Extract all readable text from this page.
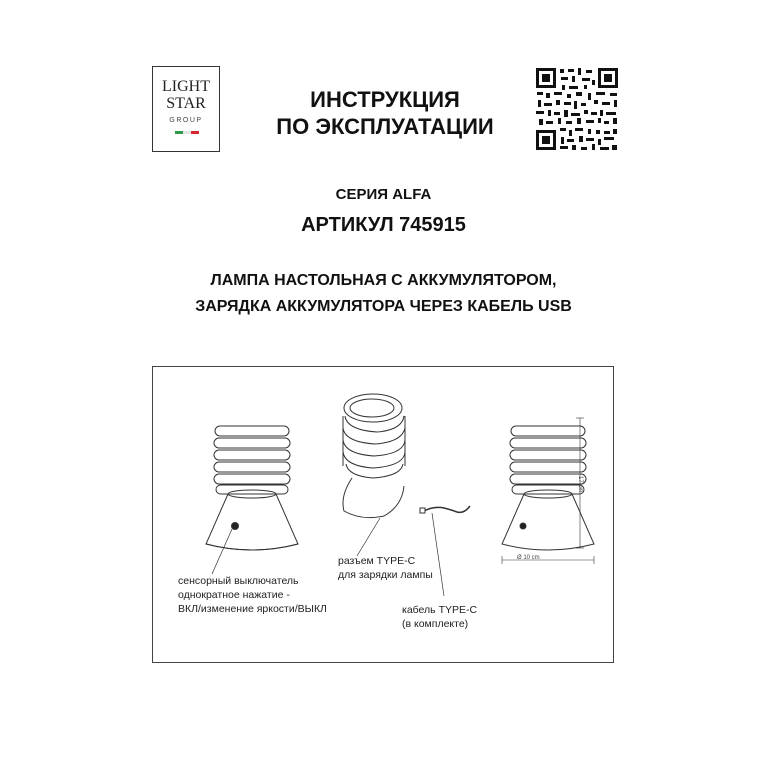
LIGHT
STAR
GROUP
ИНСТРУКЦИЯ
ПО ЭКСПЛУАТАЦИИ
СЕРИЯ ALFA
АРТИКУЛ 745915
ЛАМПА НАСТОЛЬНАЯ С АККУМУЛЯТОРОМ,
ЗАРЯДКА АККУМУЛЯТОРА ЧЕРЕЗ КАБЕЛЬ USB
17 cm
Ø 10 cm
сенсорный выключатель
однократное нажатие -
ВКЛ/изменение яркости/ВЫКЛ
разъем TYPE-C
для зарядки лампы
кабель TYPE-C
(в комплекте)
